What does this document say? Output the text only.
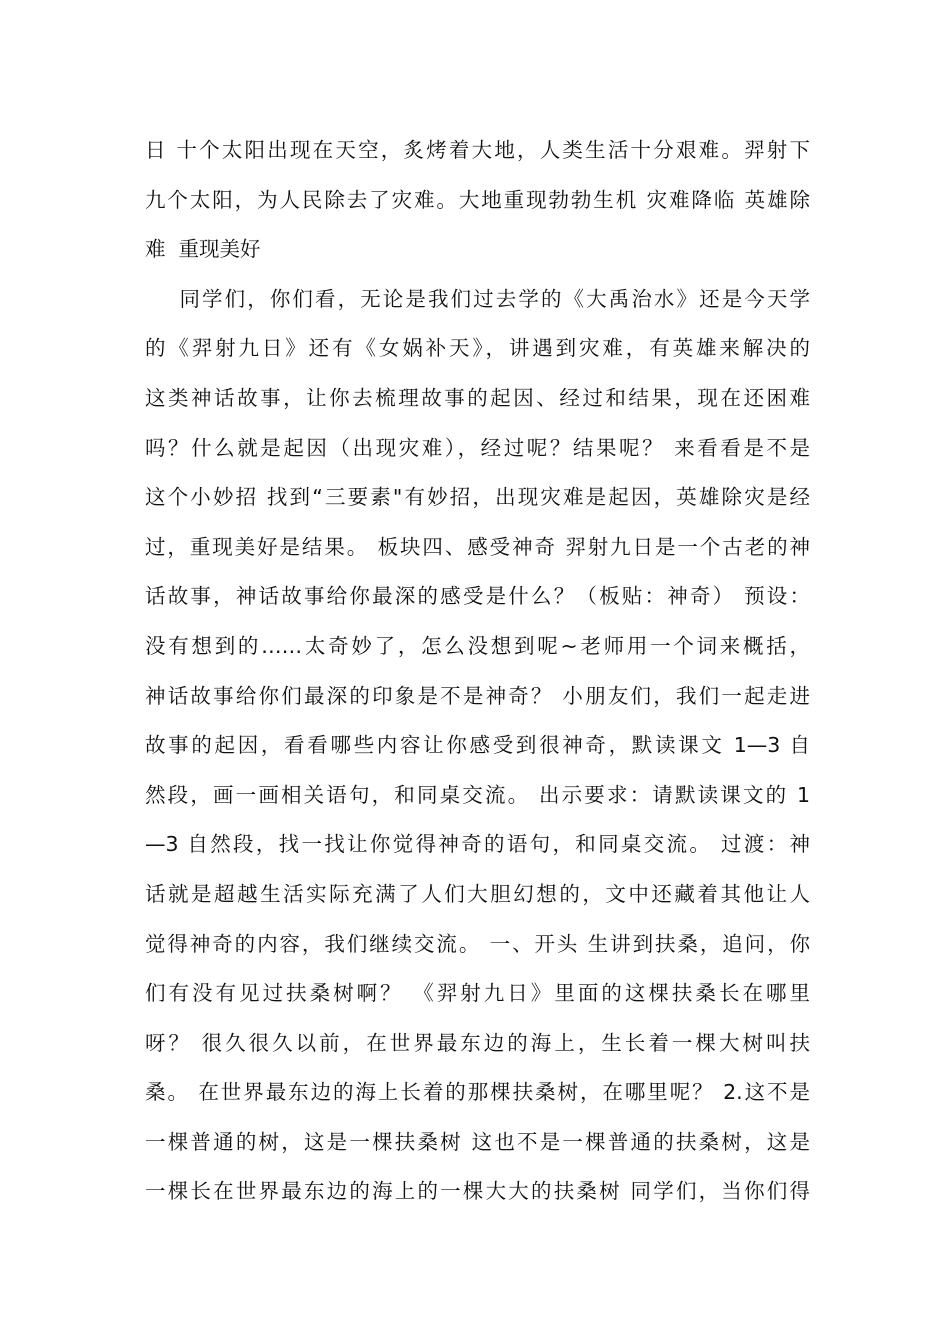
日 十个太阳出现在天空，炙烤着大地，人类生活十分艰难。羿射下
九个太阳，为人民除去了灾难。大地重现勃勃生机 灾难降临 英雄除
难  重现美好
同学们，你们看，无论是我们过去学的《大禹治水》还是今天学
的《羿射九日》还有《女娲补天》，讲遇到灾难，有英雄来解决的
这类神话故事，让你去梳理故事的起因、经过和结果，现在还困难
吗？什么就是起因（出现灾难），经过呢？结果呢？ 来看看是不是
这个小妙招 找到“三要素"有妙招，出现灾难是起因，英雄除灾是经
过，重现美好是结果。 板块四、感受神奇 羿射九日是一个古老的神
话故事，神话故事给你最深的感受是什么？（板贴：神奇） 预设：
没有想到的……太奇妙了，怎么没想到呢~老师用一个词来概括，
神话故事给你们最深的印象是不是神奇？ 小朋友们，我们一起走进
故事的起因，看看哪些内容让你感受到很神奇，默读课文 1—3 自
然段，画一画相关语句，和同桌交流。 出示要求：请默读课文的 1
—3 自然段，找一找让你觉得神奇的语句，和同桌交流。 过渡：神
话就是超越生活实际充满了人们大胆幻想的，文中还藏着其他让人
觉得神奇的内容，我们继续交流。 一、开头 生讲到扶桑，追问，你
们有没有见过扶桑树啊？ 《羿射九日》里面的这棵扶桑长在哪里
呀？ 很久很久以前，在世界最东边的海上，生长着一棵大树叫扶
桑。 在世界最东边的海上长着的那棵扶桑树，在哪里呢？ 2.这不是
一棵普通的树，这是一棵扶桑树 这也不是一棵普通的扶桑树，这是
一棵长在世界最东边的海上的一棵大大的扶桑树 同学们，当你们得
